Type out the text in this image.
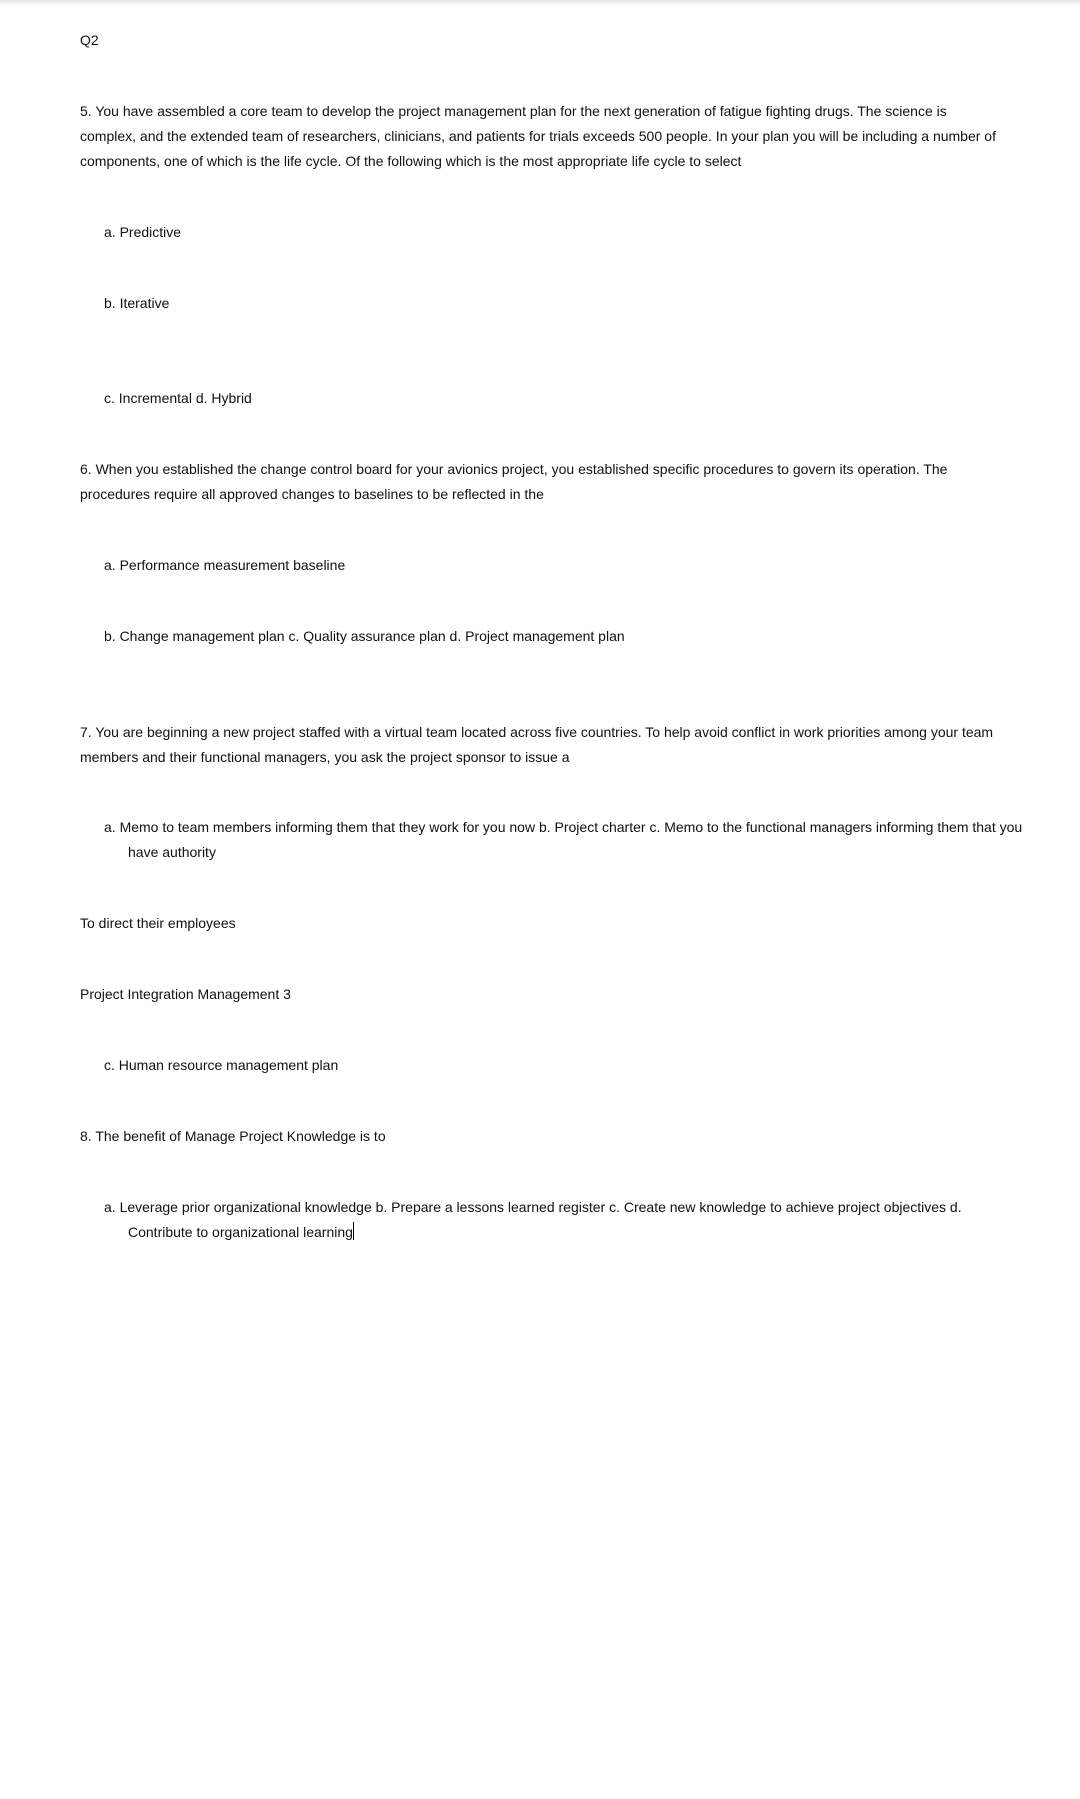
Q2

5. You have assembled a core team to develop the project management plan for the next generation of fatigue fighting drugs. The science is complex, and the extended team of researchers, clinicians, and patients for trials exceeds 500 people. In your plan you will be including a number of components, one of which is the life cycle. Of the following which is the most appropriate life cycle to select

a. Predictive

b. Iterative

c. Incremental d. Hybrid

6. When you established the change control board for your avionics project, you established specific procedures to govern its operation. The procedures require all approved changes to baselines to be reflected in the

a. Performance measurement baseline

b. Change management plan c. Quality assurance plan d. Project management plan

7. You are beginning a new project staffed with a virtual team located across five countries. To help avoid conflict in work priorities among your team members and their functional managers, you ask the project sponsor to issue a

a. Memo to team members informing them that they work for you now b. Project charter c. Memo to the functional managers informing them that you have authority

To direct their employees

Project Integration Management 3

c. Human resource management plan

8. The benefit of Manage Project Knowledge is to

a. Leverage prior organizational knowledge b. Prepare a lessons learned register c. Create new knowledge to achieve project objectives d. Contribute to organizational learning
